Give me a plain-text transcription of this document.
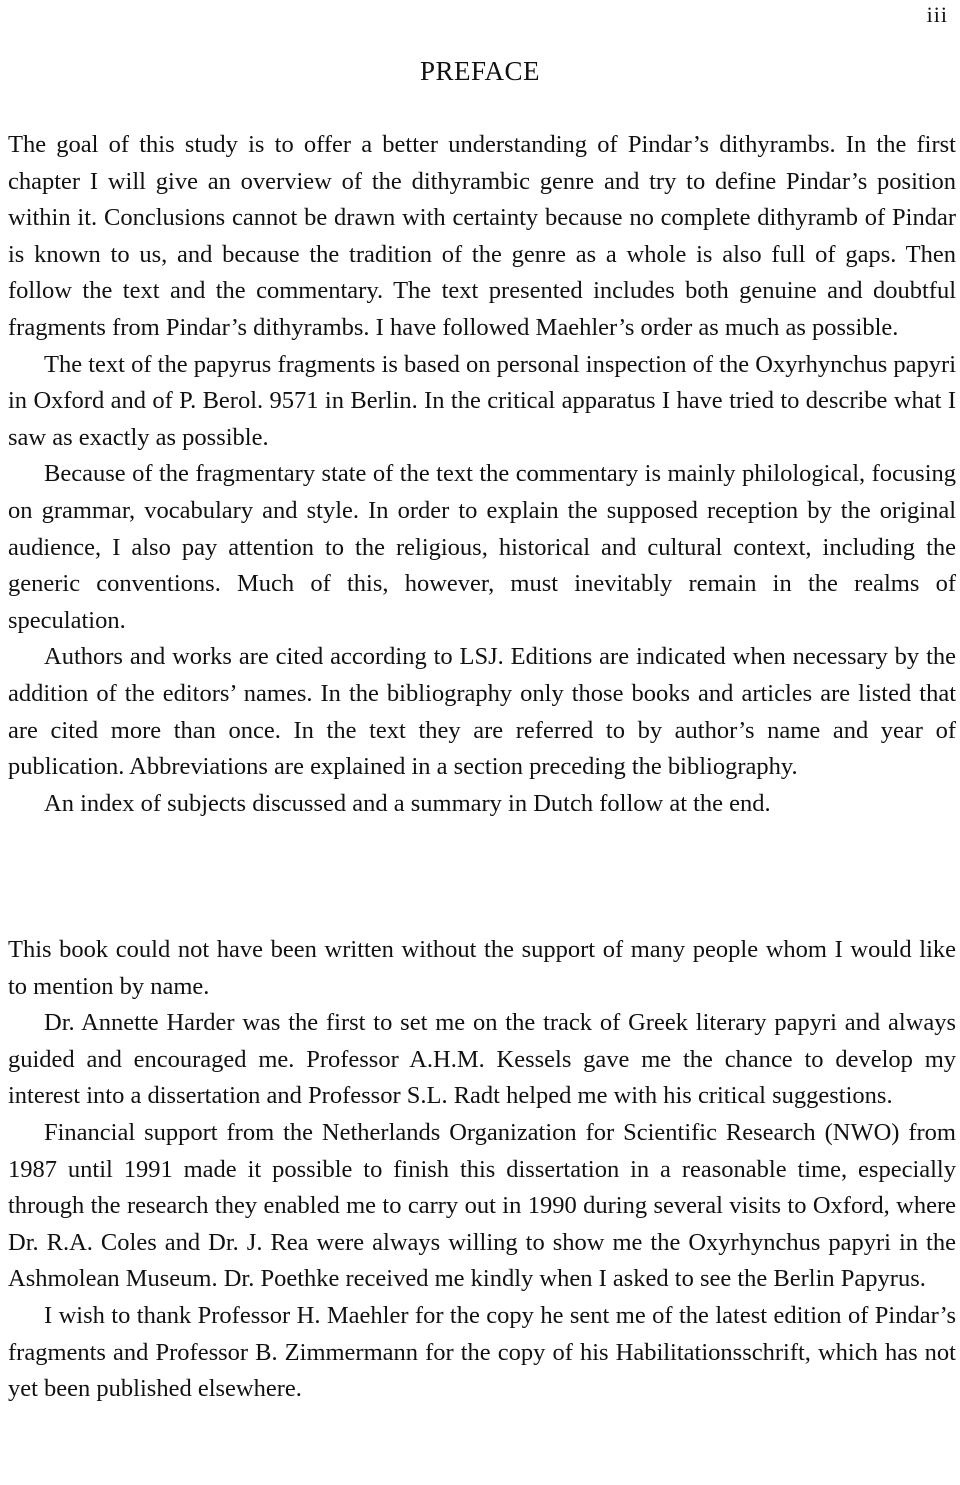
iii
PREFACE

The goal of this study is to offer a better understanding of Pindar’s dithyrambs. In the first chapter I will give an overview of the dithyrambic genre and try to define Pindar’s position within it. Conclusions cannot be drawn with certainty because no complete dithyramb of Pindar is known to us, and because the tradition of the genre as a whole is also full of gaps. Then follow the text and the commentary. The text presented includes both genuine and doubtful fragments from Pindar’s dithyrambs. I have followed Maehler’s order as much as possible.

The text of the papyrus fragments is based on personal inspection of the Oxyrhynchus papyri in Oxford and of P. Berol. 9571 in Berlin. In the critical apparatus I have tried to describe what I saw as exactly as possible.

Because of the fragmentary state of the text the commentary is mainly philological, focusing on grammar, vocabulary and style. In order to explain the supposed reception by the original audience, I also pay attention to the religious, historical and cultural context, including the generic conventions. Much of this, however, must inevitably remain in the realms of speculation.

Authors and works are cited according to LSJ. Editions are indicated when necessary by the addition of the editors’ names. In the bibliography only those books and articles are listed that are cited more than once. In the text they are referred to by author’s name and year of publication. Abbreviations are explained in a section preceding the bibliography.

An index of subjects discussed and a summary in Dutch follow at the end.

This book could not have been written without the support of many people whom I would like to mention by name.

Dr. Annette Harder was the first to set me on the track of Greek literary papyri and always guided and encouraged me. Professor A.H.M. Kessels gave me the chance to develop my interest into a dissertation and Professor S.L. Radt helped me with his critical suggestions.

Financial support from the Netherlands Organization for Scientific Research (NWO) from 1987 until 1991 made it possible to finish this dissertation in a reasonable time, especially through the research they enabled me to carry out in 1990 during several visits to Oxford, where Dr. R.A. Coles and Dr. J. Rea were always willing to show me the Oxyrhynchus papyri in the Ashmolean Museum. Dr. Poethke received me kindly when I asked to see the Berlin Papyrus.

I wish to thank Professor H. Maehler for the copy he sent me of the latest edition of Pindar’s fragments and Professor B. Zimmermann for the copy of his Habilitationsschrift, which has not yet been published elsewhere.
